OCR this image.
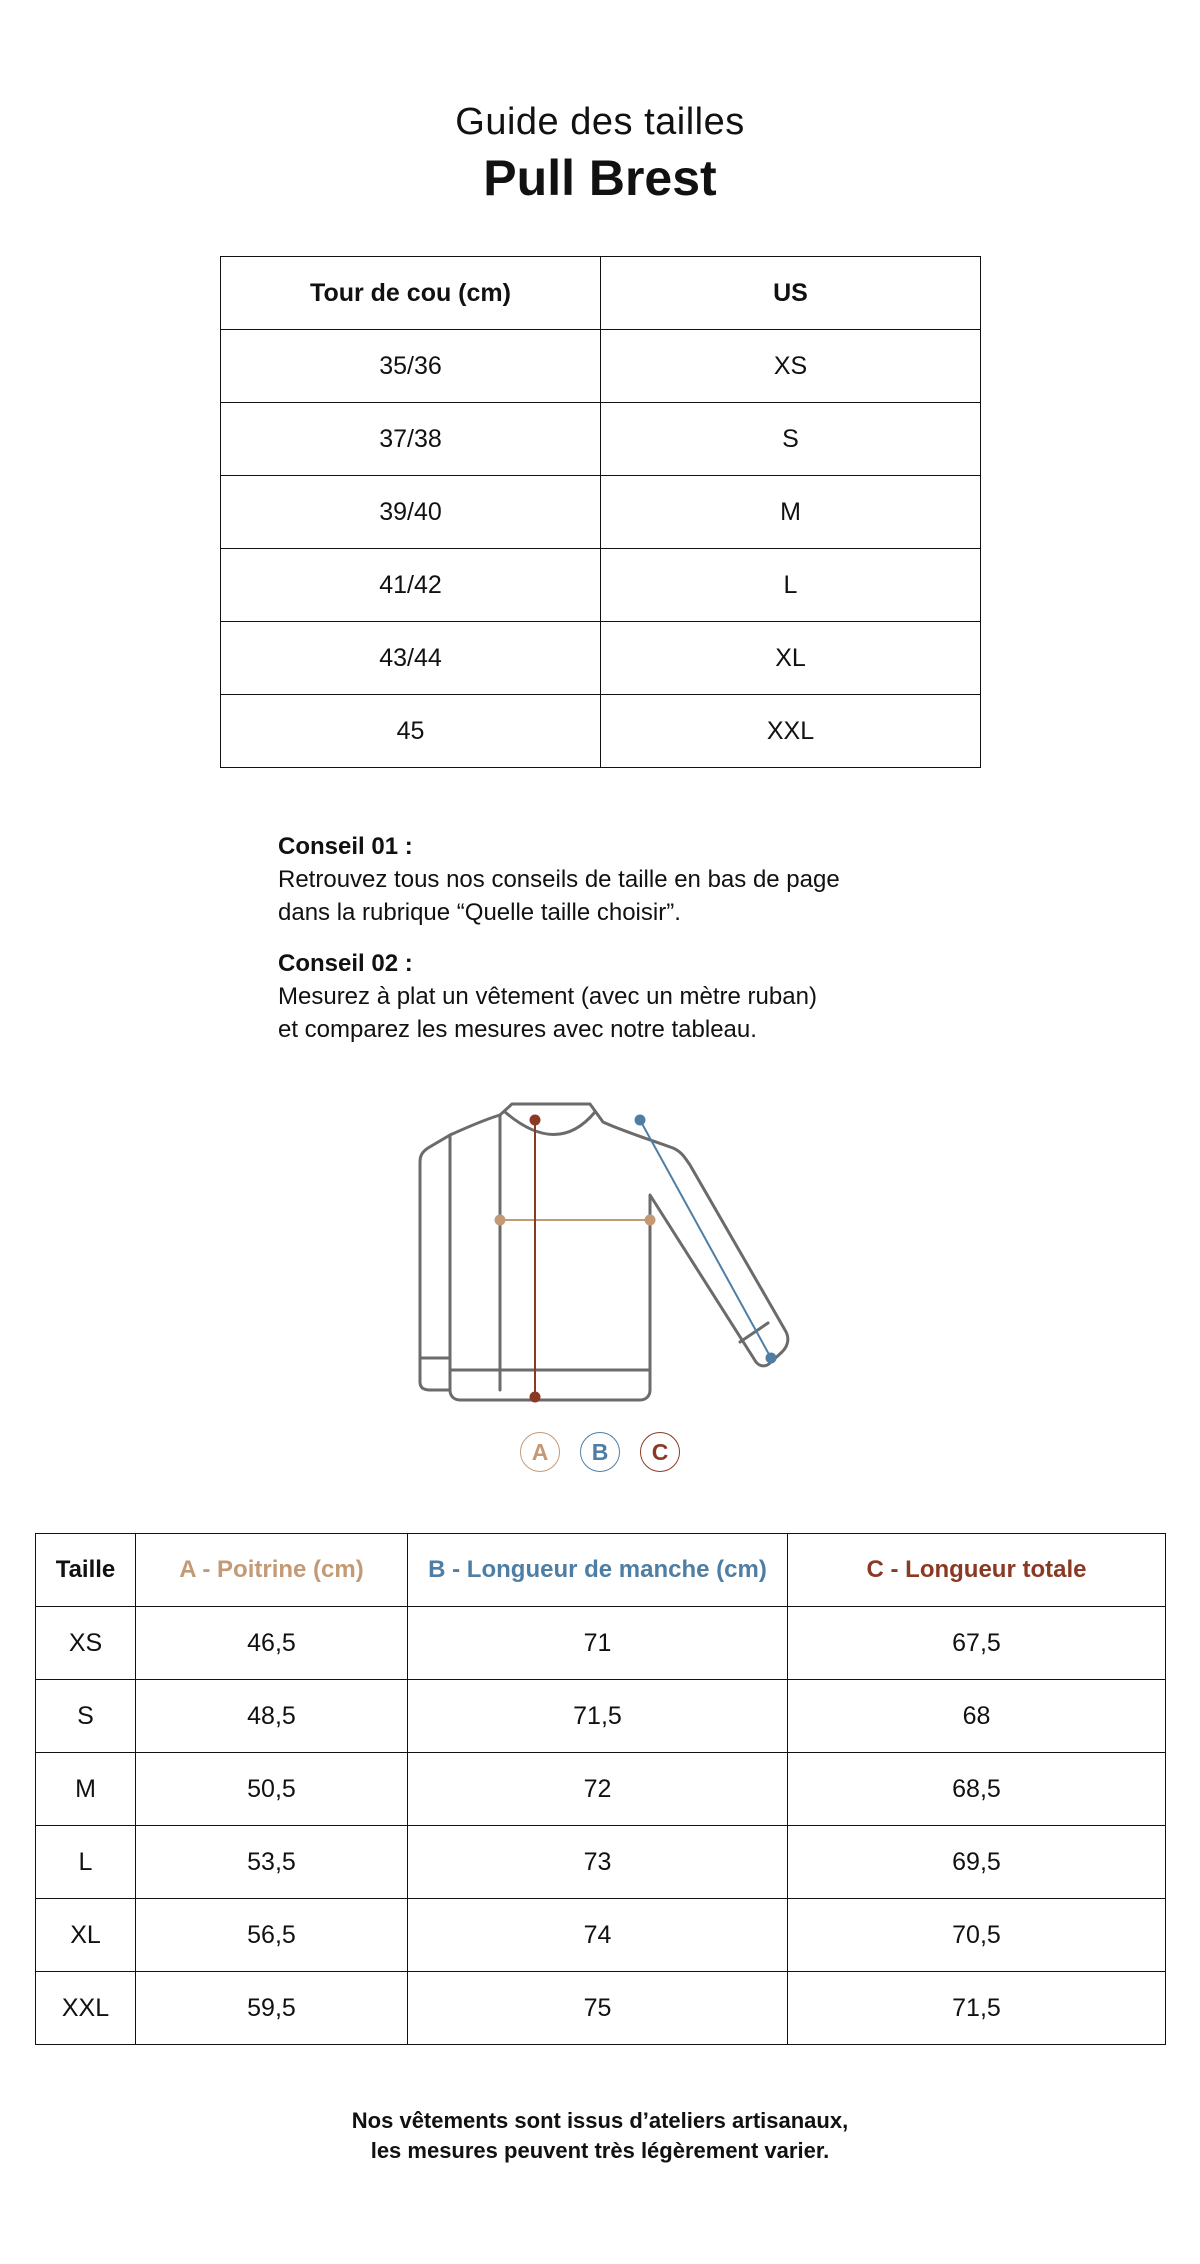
Guide des tailles
Pull Brest
Tour de cou (cm)	US
35/36	XS
37/38	S
39/40	M
41/42	L
43/44	XL
45	XXL
Conseil 01 :
Retrouvez tous nos conseils de taille en bas de page
dans la rubrique “Quelle taille choisir”.
Conseil 02 :
Mesurez à plat un vêtement (avec un mètre ruban)
et comparez les mesures avec notre tableau.
A	B	C
Taille	A - Poitrine (cm)	B - Longueur de manche (cm)	C - Longueur totale
XS	46,5	71	67,5
S	48,5	71,5	68
M	50,5	72	68,5
L	53,5	73	69,5
XL	56,5	74	70,5
XXL	59,5	75	71,5
Nos vêtements sont issus d’ateliers artisanaux,
les mesures peuvent très légèrement varier.
